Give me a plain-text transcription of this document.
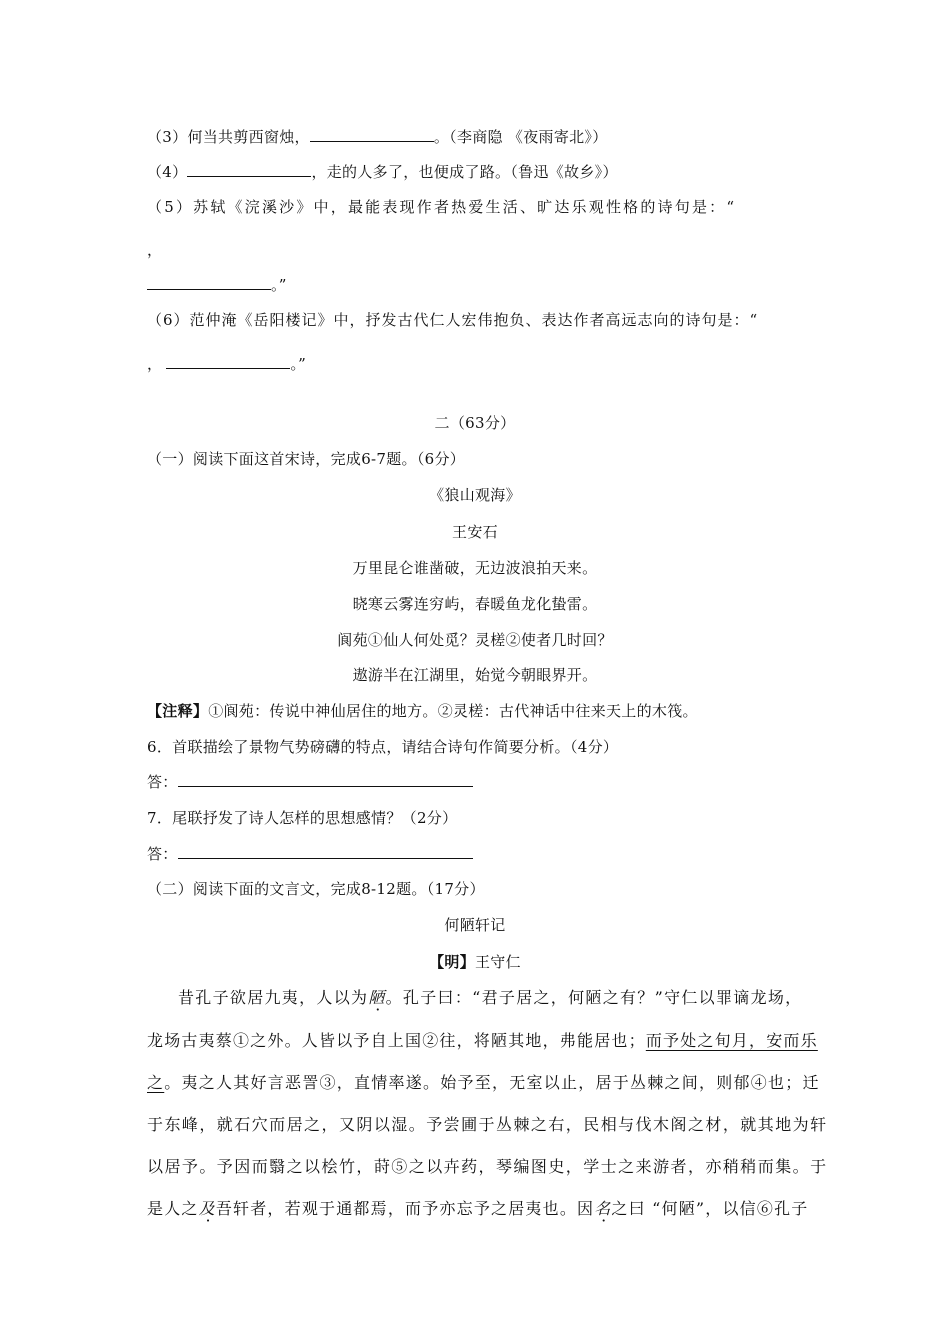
（3）何当共剪西窗烛，	。（李商隐 《夜雨寄北》）
（4）	，走的人多了，也便成了路。（鲁迅《故乡》）
（5）苏轼《浣溪沙》中，最能表现作者热爱生活、旷达乐观性格的诗句是：“
，
。”
（6）范仲淹《岳阳楼记》中，抒发古代仁人宏伟抱负、表达作者高远志向的诗句是：“
，	。”
二（63分）
（一）阅读下面这首宋诗，完成6-7题。（6分）
《狼山观海》
王安石
万里昆仑谁凿破，无边波浪拍天来。
晓寒云雾连穷屿，春暖鱼龙化蛰雷。
阆苑①仙人何处觅？灵槎②使者几时回？
遨游半在江湖里，始觉今朝眼界开。
【注释】①阆苑：传说中神仙居住的地方。②灵槎：古代神话中往来天上的木筏。
6．首联描绘了景物气势磅礴的特点，请结合诗句作简要分析。（4分）
答：
7．尾联抒发了诗人怎样的思想感情？（2分）
答：
（二）阅读下面的文言文，完成8-12题。（17分）
何陋轩记
【明】王守仁
昔孔子欲居九夷，人以为陋。孔子曰：“君子居之，何陋之有？”守仁以罪谪龙场，
龙场古夷蔡①之外。人皆以予自上国②往，将陋其地，弗能居也；而予处之旬月，安而乐
之。夷之人其好言恶詈③，直情率遂。始予至，无室以止，居于丛棘之间，则郁④也；迁
于东峰，就石穴而居之，又阴以湿。予尝圃于丛棘之右，民相与伐木阁之材，就其地为轩
以居予。予因而翳之以桧竹，莳⑤之以卉药，琴编图史，学士之来游者，亦稍稍而集。于
是人之及吾轩者，若观于通都焉，而予亦忘予之居夷也。因名之曰 “何陋”，以信⑥孔子
